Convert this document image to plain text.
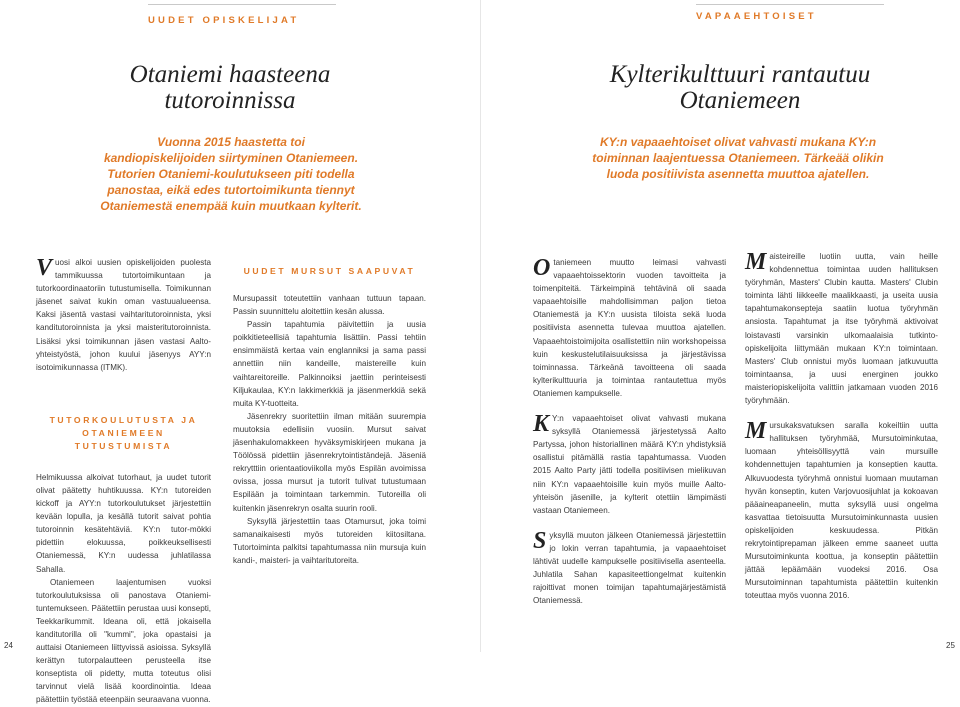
UUDET OPISKELIJAT
Otaniemi haasteena
tutoroinnissa
Vuonna 2015 haastetta toi kandiopiskelijoiden siirtyminen Otaniemeen. Tutorien Otaniemi-koulutukseen piti todella panostaa, eikä edes tutortoimikunta tiennyt Otaniemestä enempää kuin muutkaan kylterit.

Vuosi alkoi uusien opiskelijoiden puolesta tammikuussa tutortoimikuntaan ja tutorkoordinaatoriin tutustumisella. Toimikunnan jäsenet saivat kukin oman vastuualueensa. Kaksi jäsentä vastasi vaihtaritutoroinnista, yksi kanditutoroinnista ja yksi maisteritutoroinnista. Lisäksi yksi toimikunnan jäsen vastasi Aalto-yhteistyöstä, johon kuului jäsenyys AYY:n isotoimikunnassa (ITMK).

TUTORKOULUTUSTA JA OTANIEMEEN TUTUSTUMISTA

Helmikuussa alkoivat tutorhaut, ja uudet tutorit olivat päätetty huhtikuussa. KY:n tutoreiden kickoff ja AYY:n tutorkoulutukset järjestettiin kevään lopulla, ja kesällä tutorit saivat pohtia tutoroinnin kesätehtäviä. KY:n tutor-mökki pidettiin elokuussa, poikkeuksellisesti Otaniemessä, KY:n uudessa juhlatilassa Sahalla.

Otaniemeen laajentumisen vuoksi tutorkoulutuksissa oli panostava Otaniemi-tuntemukseen. Päätettiin perustaa uusi konsepti, Teekkarikummit. Ideana oli, että jokaisella kanditutorilla oli "kummi", joka opastaisi ja auttaisi Otaniemeen liittyvissä asioissa. Syksyllä kerättyn tutorpalautteen perusteella itse konseptista oli pidetty, mutta toteutus olisi tarvinnut vielä lisää koordinointia. Ideaa päätettiin työstää eteenpäin seuraavana vuonna.

UUDET MURSUT SAAPUVAT

Mursupassit toteutettiin vanhaan tuttuun tapaan. Passin suunnittelu aloitettiin kesän alussa.

Passin tapahtumia päivitettiin ja uusia poikkitieteellisiä tapahtumia lisättiin. Passi tehtiin ensimmäistä kertaa vain englanniksi ja sama passi annettiin niin kandeille, maistereille kuin vaihtareitoreille. Palkinnoiksi jaettiin perinteisesti Kiljukaulaa, KY:n lakkimerkkiä ja jäsenmerkkiä sekä muita KY-tuotteita.

Jäsenrekry suoritettiin ilman mitään suurempia muutoksia edellisiin vuosiin. Mursut saivat jäsenhakulomakkeen hyväksymiskirjeen mukana ja Töölössä pidettiin jäsenrekrytointiständejä. Jäseniä rekrytttiin orientaatioviikolla myös Espilän avoimissa ovissa, jossa mursut ja tutorit tulivat tutustumaan Espilään ja toimintaan tarkemmin. Tutoreilla oli kuitenkin jäsenrekryn osalta suurin rooli.

Syksyllä järjestettiin taas Otamursut, joka toimi samanaikaisesti myös tutoreiden kiitosiltana. Tutortoiminta palkitsi tapahtumassa niin mursuja kuin kandi-, maisteri- ja vaihtaritutoreita.

24
VAPAAEHTOISET
Kylterikulttuuri rantautuu
Otaniemeen
KY:n vapaaehtoiset olivat vahvasti mukana KY:n toiminnan laajentuessa Otaniemeen. Tärkeää olikin luoda positiivista asennetta muuttoa ajatellen.

Otaniemeen muutto leimasi vahvasti vapaaehtoissektorin vuoden tavoitteita ja toimenpiteitä. Tärkeimpinä tehtävinä oli saada vapaaehtoisille mahdollisimman paljon tietoa Otaniemestä ja KY:n uusista tiloista sekä luoda positiivista asennetta tulevaa muuttoa ajatellen. Vapaaehtoistoimijoita osallistettiin niin workshopeissa kuin keskustelutilaisuuksissa ja järjestävissa toiminnassa. Tärkeänä tavoitteena oli saada kylterikulttuuria ja toimintaa rantautettua myös Otaniemen kampukselle.

K Y:n vapaaehtoiset olivat vahvasti mukana syksyllä Otaniemessä järjestetyssä Aalto Partyssa, johon historiallinen määrä KY:n yhdistyksiä osallistui pitämällä rastia tapahtumassa. Vuoden 2015 Aalto Party jätti todella positiivisen mielikuvan niin KY:n vapaaehtoisille kuin myös muille Aalto-yhteisön jäsenille, ja kylterit otettiin lämpimästi vastaan Otaniemeen.

Syksyllä muuton jälkeen Otaniemessä järjestettiin jo lokin verran tapahtumia, ja vapaaehtoiset lähtivät uudelle kampukselle positiivisella asenteella. Juhlatila Sahan kapasiteettiongelmat kuitenkin rajoittivat monen toimijan tapahtumajärjestämistä Otaniemessä.

Maisteireille luotiin uutta, vain heille kohdennettua toimintaa uuden hallituksen työryhmän, Masters' Clubin kautta. Masters' Clubin toiminta lähti liikkeelle maalikkaasti, ja useita uusia tapahtumakonsepteja saatiin luotua työryhmän ansiosta. Tapahtumat ja itse työryhmä aktivoivat loistavasti varsinkin ulkomaalaisia tutkinto-opiskelijoita liittymään mukaan KY:n toimintaan. Masters' Club onnistui myös luomaan jatkuvuutta toimintaansa, ja uusi energinen joukko maisteriopiskelijoita valittiin jatkamaan vuoden 2016 työryhmään.

Mursukaksvatuksen saralla kokeiltiin uutta hallituksen työryhmää, Mursutoiminkutaa, luomaan yhteisöllisyyttä vain mursuille kohdennettujen tapahtumien ja konseptien kautta. Alkuvuodesta työryhmä onnistui luomaan muutaman hyvän konseptin, kuten Varjovuosijuhlat ja kokoavan pääaineapaneelin, mutta syksyllä uusi ongelma kasvattaa tietoisuutta Mursutoiminkunnasta uusien opiskelijoiden keskuudessa. Pitkän rekrytointiprepaman jälkeen emme saaneet uutta Mursutoiminkunta koottua, ja konseptin päätettiin jättää lepäämään vuodeksi 2016. Osa Mursutoiminnan tapahtumista päätettiin kuitenkin toteuttaa myös vuonna 2016.

25
